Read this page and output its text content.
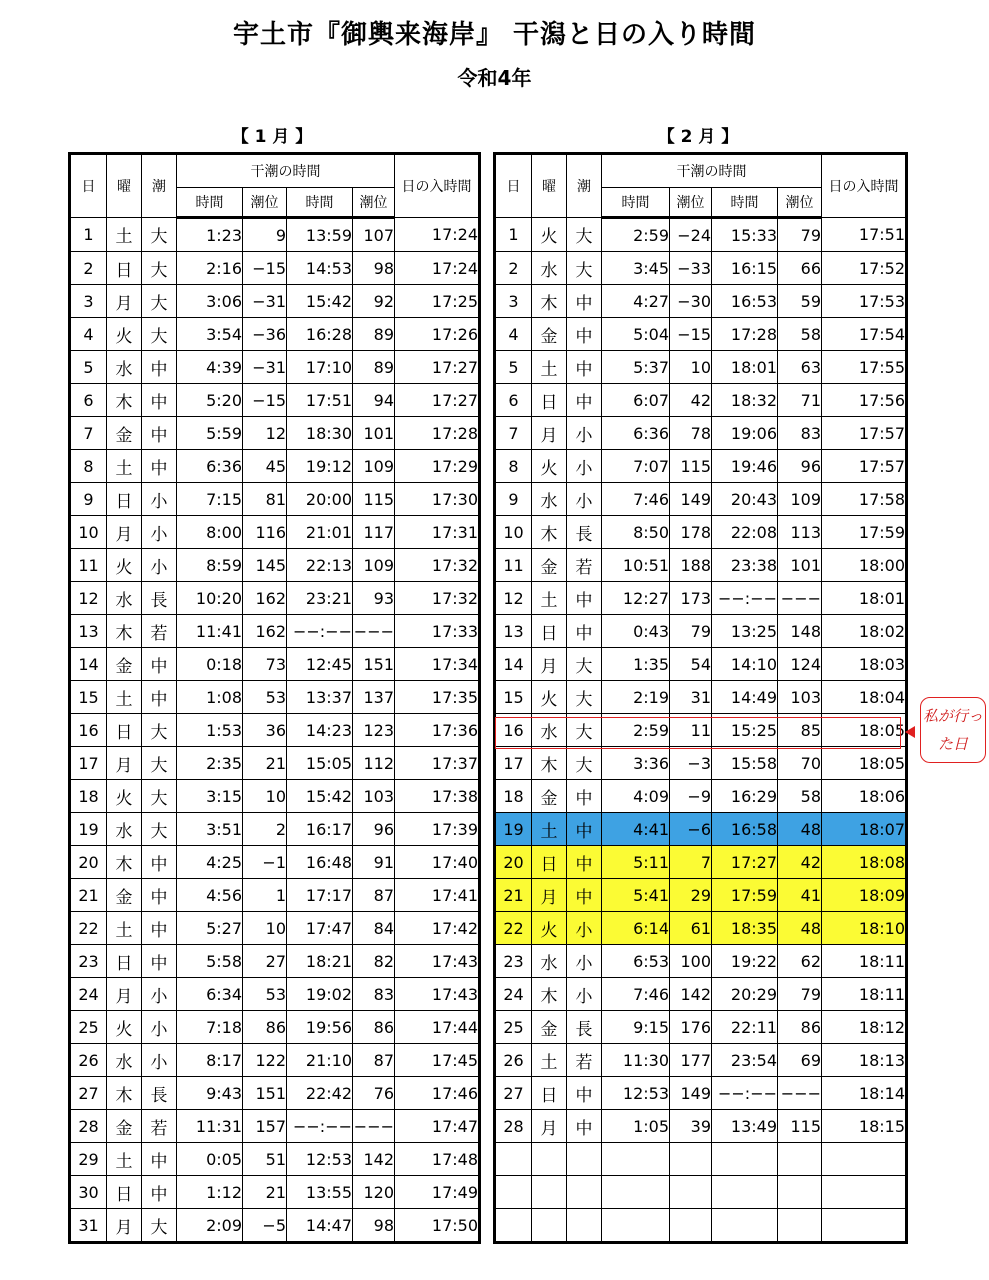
宇土市『御輿来海岸』 干潟と日の入り時間
令和4年
【 1 月 】	【 2 月 】
日	曜	潮	干潮の時間				日の入時間
			時間	潮位	時間	潮位	
1	土	大	1:23	9	13:59	107	17:24
2	日	大	2:16	−15	14:53	98	17:24
3	月	大	3:06	−31	15:42	92	17:25
4	火	大	3:54	−36	16:28	89	17:26
5	水	中	4:39	−31	17:10	89	17:27
6	木	中	5:20	−15	17:51	94	17:27
7	金	中	5:59	12	18:30	101	17:28
8	土	中	6:36	45	19:12	109	17:29
9	日	小	7:15	81	20:00	115	17:30
10	月	小	8:00	116	21:01	117	17:31
11	火	小	8:59	145	22:13	109	17:32
12	水	長	10:20	162	23:21	93	17:32
13	木	若	11:41	162	−−:−−	−−−	17:33
14	金	中	0:18	73	12:45	151	17:34
15	土	中	1:08	53	13:37	137	17:35
16	日	大	1:53	36	14:23	123	17:36
17	月	大	2:35	21	15:05	112	17:37
18	火	大	3:15	10	15:42	103	17:38
19	水	大	3:51	2	16:17	96	17:39
20	木	中	4:25	−1	16:48	91	17:40
21	金	中	4:56	1	17:17	87	17:41
22	土	中	5:27	10	17:47	84	17:42
23	日	中	5:58	27	18:21	82	17:43
24	月	小	6:34	53	19:02	83	17:43
25	火	小	7:18	86	19:56	86	17:44
26	水	小	8:17	122	21:10	87	17:45
27	木	長	9:43	151	22:42	76	17:46
28	金	若	11:31	157	−−:−−	−−−	17:47
29	土	中	0:05	51	12:53	142	17:48
30	日	中	1:12	21	13:55	120	17:49
31	月	大	2:09	−5	14:47	98	17:50
日	曜	潮	干潮の時間				日の入時間
			時間	潮位	時間	潮位	
1	火	大	2:59	−24	15:33	79	17:51
2	水	大	3:45	−33	16:15	66	17:52
3	木	中	4:27	−30	16:53	59	17:53
4	金	中	5:04	−15	17:28	58	17:54
5	土	中	5:37	10	18:01	63	17:55
6	日	中	6:07	42	18:32	71	17:56
7	月	小	6:36	78	19:06	83	17:57
8	火	小	7:07	115	19:46	96	17:57
9	水	小	7:46	149	20:43	109	17:58
10	木	長	8:50	178	22:08	113	17:59
11	金	若	10:51	188	23:38	101	18:00
12	土	中	12:27	173	−−:−−	−−−	18:01
13	日	中	0:43	79	13:25	148	18:02
14	月	大	1:35	54	14:10	124	18:03
15	火	大	2:19	31	14:49	103	18:04
16	水	大	2:59	11	15:25	85	18:05
17	木	大	3:36	−3	15:58	70	18:05
18	金	中	4:09	−9	16:29	58	18:06
19	土	中	4:41	−6	16:58	48	18:07
20	日	中	5:11	7	17:27	42	18:08
21	月	中	5:41	29	17:59	41	18:09
22	火	小	6:14	61	18:35	48	18:10
23	水	小	6:53	100	19:22	62	18:11
24	木	小	7:46	142	20:29	79	18:11
25	金	長	9:15	176	22:11	86	18:12
26	土	若	11:30	177	23:54	69	18:13
27	日	中	12:53	149	−−:−−	−−−	18:14
28	月	中	1:05	39	13:49	115	18:15

私が行った日
